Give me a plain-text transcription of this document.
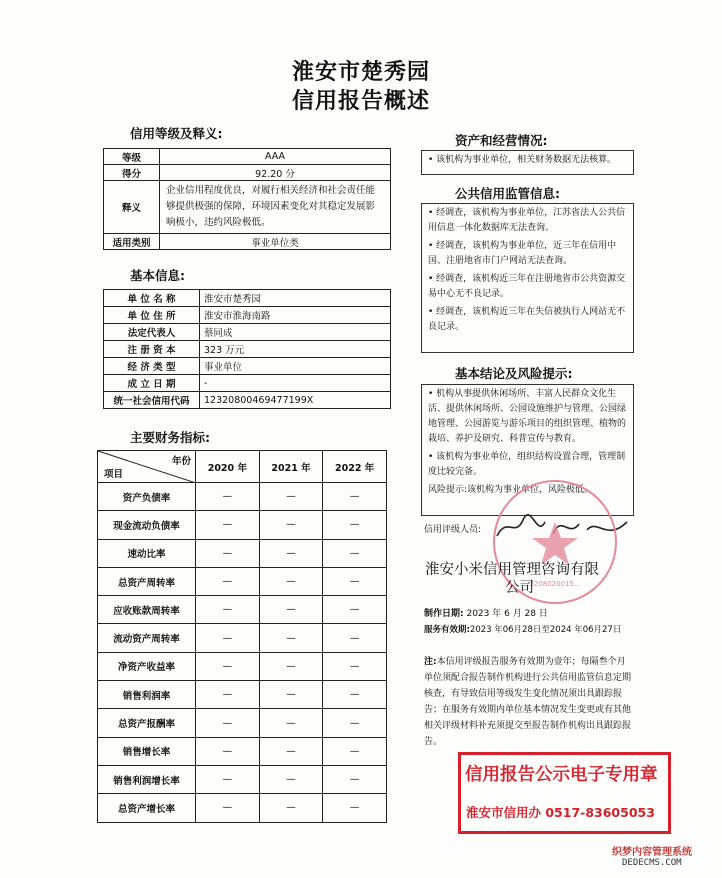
淮安市楚秀园
信用报告概述
信用等级及释义:
等级	AAA
得分	92.20 分
释义	企业信用程度优良，对履行相关经济和社会责任能够提供极强的保障，环境因素变化对其稳定发展影响极小，违约风险极低。
适用类别	事业单位类
基本信息:
单 位 名 称	淮安市楚秀园
单 位 住 所	淮安市淮海南路
法定代表人	蔡同成
注 册 资 本	323 万元
经 济 类 型	事业单位
成 立 日 期	-
统一社会信用代码	12320800469477199X
主要财务指标:
年份
项目	2020 年	2021 年	2022 年
资产负债率	—	—	—
现金流动负债率	—	—	—
速动比率	—	—	—
总资产周转率	—	—	—
应收账款周转率	—	—	—
流动资产周转率	—	—	—
净资产收益率	—	—	—
销售利润率	—	—	—
总资产报酬率	—	—	—
销售增长率	—	—	—
销售利润增长率	—	—	—
总资产增长率	—	—	—
资产和经营情况:

• 该机构为事业单位，相关财务数据无法核算。

公共信用监管信息:

• 经调查，该机构为事业单位，江苏省法人公共信用信息一体化数据库无法查询。

• 经调查，该机构为事业单位，近三年在信用中国、注册地省市门户网站无法查询。

• 经调查，该机构近三年在注册地省市公共资源交易中心无不良记录。

• 经调查，该机构近三年在失信被执行人网站无不良记录。

基本结论及风险提示:

• 机构从事提供休闲场所、丰富人民群众文化生活、提供休闲场所、公园设施维护与管理、公园绿地管理、公园游览与游乐项目的组织管理、植物的栽培、养护及研究、科普宣传与教育。

• 该机构为事业单位，组织结构设置合理，管理制度比较完备。

风险提示:该机构为事业单位，风险极低。

信用评级人员:
3208020015...
淮安小米信用管理咨询有限
公司
制作日期: 2023 年 6 月 28 日
服务有效期:2023 年06月28日至2024 年06月27日
注:本信用评级报告服务有效期为壹年；每隔叁个月单位须配合报告制作机构进行公共信用监管信息定期核查，有导致信用等级发生变化情况须出具跟踪报告；在服务有效期内单位基本情况发生变更或有其他相关评级材料补充须提交至报告制作机构出具跟踪报告。
信用报告公示电子专用章
淮安市信用办 0517-83605053
织梦内容管理系统
DEDECMS.COM
